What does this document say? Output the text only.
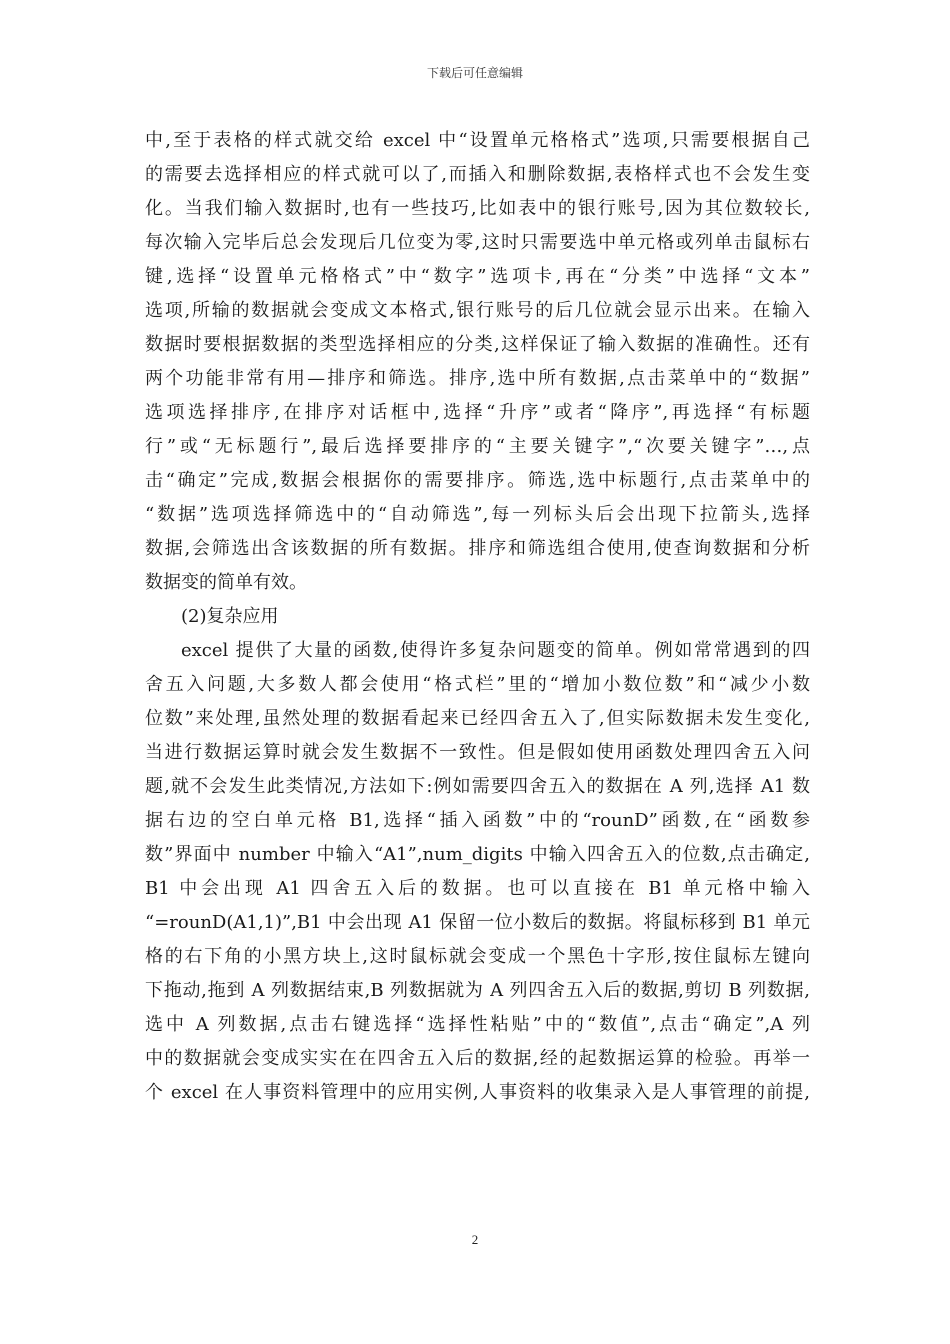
下载后可任意编辑
中,至于表格的样式就交给 excel 中“设置单元格格式”选项,只需要根据自己
的需要去选择相应的样式就可以了,而插入和删除数据,表格样式也不会发生变
化。当我们输入数据时,也有一些技巧,比如表中的银行账号,因为其位数较长,
每次输入完毕后总会发现后几位变为零,这时只需要选中单元格或列单击鼠标右
键,选择“设置单元格格式”中“数字”选项卡,再在“分类”中选择“文本”
选项,所输的数据就会变成文本格式,银行账号的后几位就会显示出来。在输入
数据时要根据数据的类型选择相应的分类,这样保证了输入数据的准确性。还有
两个功能非常有用—排序和筛选。排序,选中所有数据,点击菜单中的“数据”
选项选择排序,在排序对话框中,选择“升序”或者“降序”,再选择“有标题
行”或“无标题行”,最后选择要排序的“主要关键字”,“次要关键字”…,点
击“确定”完成,数据会根据你的需要排序。筛选,选中标题行,点击菜单中的
“数据”选项选择筛选中的“自动筛选”,每一列标头后会出现下拉箭头,选择
数据,会筛选出含该数据的所有数据。排序和筛选组合使用,使查询数据和分析
数据变的简单有效。
(2)复杂应用
excel 提供了大量的函数,使得许多复杂问题变的简单。例如常常遇到的四
舍五入问题,大多数人都会使用“格式栏”里的“增加小数位数”和“减少小数
位数”来处理,虽然处理的数据看起来已经四舍五入了,但实际数据未发生变化,
当进行数据运算时就会发生数据不一致性。但是假如使用函数处理四舍五入问
题,就不会发生此类情况,方法如下:例如需要四舍五入的数据在 A 列,选择 A1 数
据右边的空白单元格 B1,选择“插入函数”中的“rounD”函数,在“函数参
数”界面中 number 中输入“A1”,num_digits 中输入四舍五入的位数,点击确定,
B1 中会出现 A1 四舍五入后的数据。也可以直接在 B1 单元格中输入
“=rounD(A1,1)”,B1 中会出现 A1 保留一位小数后的数据。将鼠标移到 B1 单元
格的右下角的小黑方块上,这时鼠标就会变成一个黑色十字形,按住鼠标左键向
下拖动,拖到 A 列数据结束,B 列数据就为 A 列四舍五入后的数据,剪切 B 列数据,
选中 A 列数据,点击右键选择“选择性粘贴”中的“数值”,点击“确定”,A 列
中的数据就会变成实实在在四舍五入后的数据,经的起数据运算的检验。再举一
个 excel 在人事资料管理中的应用实例,人事资料的收集录入是人事管理的前提,
2
